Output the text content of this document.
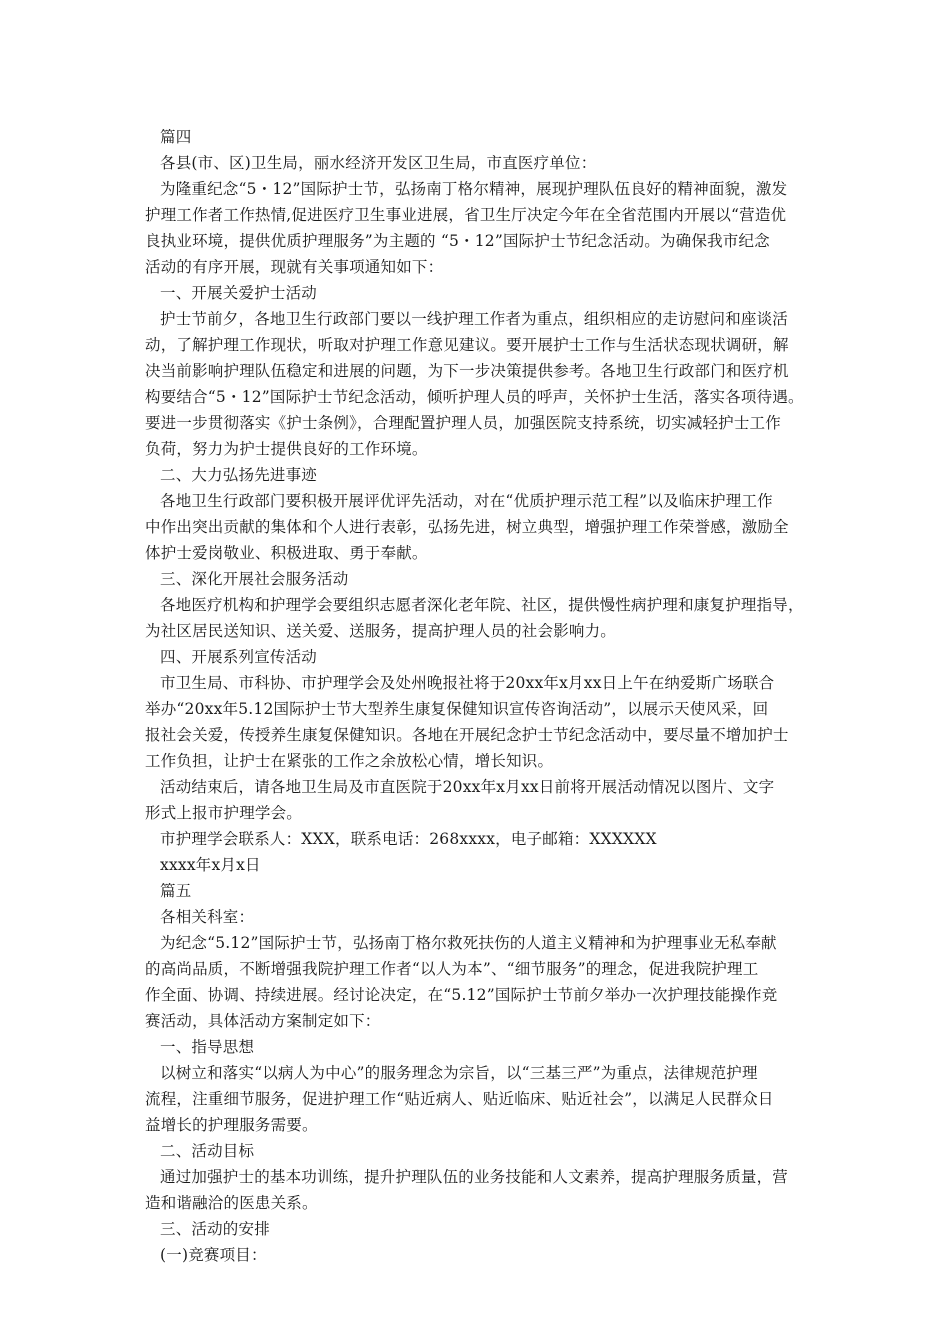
篇四
各县(市、区)卫生局，丽水经济开发区卫生局，市直医疗单位：
为隆重纪念“5・12”国际护士节，弘扬南丁格尔精神，展现护理队伍良好的精神面貌，激发
护理工作者工作热情,促进医疗卫生事业进展，省卫生厅决定今年在全省范围内开展以“营造优
良执业环境，提供优质护理服务”为主题的 “5・12”国际护士节纪念活动。为确保我市纪念
活动的有序开展，现就有关事项通知如下：
一、开展关爱护士活动
护士节前夕，各地卫生行政部门要以一线护理工作者为重点，组织相应的走访慰问和座谈活
动，了解护理工作现状，听取对护理工作意见建议。要开展护士工作与生活状态现状调研，解
决当前影响护理队伍稳定和进展的问题，为下一步决策提供参考。各地卫生行政部门和医疗机
构要结合“5・12”国际护士节纪念活动，倾听护理人员的呼声，关怀护士生活，落实各项待遇。
要进一步贯彻落实《护士条例》，合理配置护理人员，加强医院支持系统，切实减轻护士工作
负荷，努力为护士提供良好的工作环境。
二、大力弘扬先进事迹
各地卫生行政部门要积极开展评优评先活动，对在“优质护理示范工程”以及临床护理工作
中作出突出贡献的集体和个人进行表彰，弘扬先进，树立典型，增强护理工作荣誉感，激励全
体护士爱岗敬业、积极进取、勇于奉献。
三、深化开展社会服务活动
各地医疗机构和护理学会要组织志愿者深化老年院、社区，提供慢性病护理和康复护理指导，
为社区居民送知识、送关爱、送服务，提高护理人员的社会影响力。
四、开展系列宣传活动
市卫生局、市科协、市护理学会及处州晚报社将于20xx年x月xx日上午在纳爱斯广场联合
举办“20xx年5.12国际护士节大型养生康复保健知识宣传咨询活动”，以展示天使风采，回
报社会关爱，传授养生康复保健知识。各地在开展纪念护士节纪念活动中，要尽量不增加护士
工作负担，让护士在紧张的工作之余放松心情，增长知识。
活动结束后，请各地卫生局及市直医院于20xx年x月xx日前将开展活动情况以图片、文字
形式上报市护理学会。
市护理学会联系人：XXX，联系电话：268xxxx，电子邮箱：XXXXXX
xxxx年x月x日
篇五
各相关科室：
为纪念“5.12”国际护士节，弘扬南丁格尔救死扶伤的人道主义精神和为护理事业无私奉献
的高尚品质，不断增强我院护理工作者“以人为本”、“细节服务”的理念，促进我院护理工
作全面、协调、持续进展。经讨论决定，在“5.12”国际护士节前夕举办一次护理技能操作竞
赛活动，具体活动方案制定如下：
一、指导思想
以树立和落实“以病人为中心”的服务理念为宗旨，以“三基三严”为重点，法律规范护理
流程，注重细节服务，促进护理工作“贴近病人、贴近临床、贴近社会”，以满足人民群众日
益增长的护理服务需要。
二、活动目标
通过加强护士的基本功训练，提升护理队伍的业务技能和人文素养，提高护理服务质量，营
造和谐融洽的医患关系。
三、活动的安排
(一)竞赛项目：
